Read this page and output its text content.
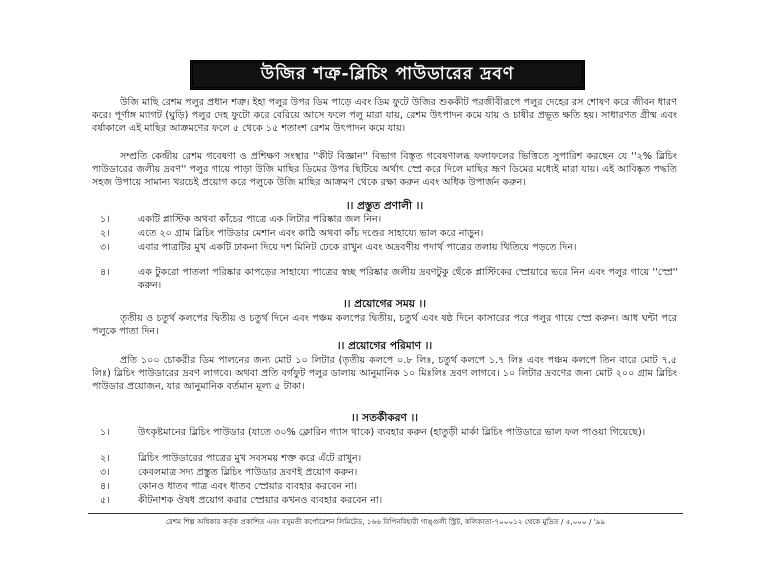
উজির শত্রু-ব্লিচিং পাউডারের দ্রবণ
উজি মাছি রেশম পলুর প্রধান শত্রু। ইহা পলুর উপর ডিম পাড়ে এবং ডিম ফুটে উজির শুককীট পরজীবীরূপে পলুর দেহের রস শোষণ করে জীবন ধারণ করে। পূর্ণাঙ্গ ম্যাগট (ঘুড়ি) পলুর দেহ ফুটো করে বেরিয়ে আসে ফলে পলু মারা যায়, রেশম উৎপাদন কমে যায় ও চাষীর প্রভূত ক্ষতি হয়। সাধারণত গ্রীষ্ম এবং বর্ষাকালে এই মাছির আক্রমণের ফলে ৫ থেকে ১৫ শতাংশ রেশম উৎপাদন কমে যায়।
সম্প্রতি কেন্দ্রীয় রেশম গবেষণা ও প্রশিক্ষণ সংস্থার ''কীট বিজ্ঞান'' বিভাগ বিস্তৃত গবেষণালব্ধ ফলাফলের ভিত্তিতে সুপারিশ করছেন যে ''২% ব্লিচিং পাউডারের জলীয় দ্রবণ'' পলুর গায়ে পাড়া উজি মাছির ডিমের উপর ছিটিয়ে অর্থাৎ স্প্রে করে দিলে মাছির ভ্রূণ ডিমের মধ্যেই মারা যায়। এই আবিষ্কৃত পদ্ধতি সহজ উপায়ে সামান্য খরচেই প্রয়োগ করে পলুকে উজি মাছির আক্রমণ থেকে রক্ষা করুন এবং অধিক উপার্জন করুন।
।। প্রস্তুত প্রণালী ।।
১।	একটি প্লাস্টিক অথবা কাঁচের পাত্রে এক লিটার পরিষ্কার জল নিন।
২।	এতে ২০ গ্রাম ব্লিচিং পাউডার মেশান এবং কাঠি অথবা কাঁচ দণ্ডের সাহায্যে ভাল করে নাড়ুন।
৩।	এবার পাত্রটির মুখ একটি ঢাকনা দিয়ে দশ মিনিট ঢেকে রাখুন এবং অদ্রবণীয় পদার্থ পাত্রের তলায় থিতিয়ে পড়তে দিন।
৪।	এক টুকরো পাতলা পরিষ্কার কাপড়ের সাহায্যে পাত্রের স্বচ্ছ পরিষ্কার জলীয় দ্রবণটুকু ছেঁকে প্লাস্টিকের স্প্রেয়ারে ভরে নিন এবং পলুর গায়ে ''স্প্রে'' করুন।
।। প্রয়োগের সময় ।।
তৃতীয় ও চতুর্থ কলপের দ্বিতীয় ও চতুর্থ দিনে এবং পঞ্চম কলপের দ্বিতীয়, চতুর্থ এবং ষষ্ঠ দিনে কাসারের পরে পলুর গায়ে স্প্রে করুন। আধ ঘন্টা পরে পলুকে পাতা দিন।
।। প্রয়োগের পরিমাণ ।।
প্রতি ১০০ চোকরীর ডিম পালনের জন্য মোট ১০ লিটার (তৃতীয় কলপে ০.৮ লিঃ, চতুর্থ কলপে ১.৭ লিঃ এবং পঞ্চম কলপে তিন বারে মোট ৭.৫ লিঃ) ব্লিচিং পাউডারের দ্রবণ লাগবে। অথবা প্রতি বর্গফুট পলুর ডালায় আনুমানিক ১০ মিঃলিঃ দ্রবণ লাগবে। ১০ লিটার দ্রবণের জন্য মোট ২০০ গ্রাম ব্লিচিং পাউডার প্রয়োজন, যার আনুমানিক বর্তমান মূল্য ৫ টাকা।
।। সতর্কীকরণ ।।
১।	উৎকৃষ্টমানের ব্লিচিং পাউডার (যাতে ৩০% ক্লোরিন গ্যাস থাকে) ব্যবহার করুন (হাতুড়ী মার্কা ব্লিচিং পাউডারে ভাল ফল পাওয়া গিয়েছে)।
২।	ব্লিচিং পাউডারের পাত্রের মুখ সবসময় শক্ত করে এঁটে রাখুন।
৩।	কেবলমাত্র সদ্য প্রস্তুত ব্লিচিং পাউডার দ্রবণই প্রয়োগ করুন।
৪।	কোনও ধাতব পাত্র এবং ধাতব স্প্রেয়ার ব্যবহার করবেন না।
৫।	কীটনাশক ঔষধ প্রয়োগ করার স্প্রেয়ার কখনও ব্যবহার করবেন না।
রেশম শিল্প অধিকার কর্তৃক প্রকাশিত এবং বসুমতী কর্পোরেশন লিমিটেড, ১৬৬ বিপিনবিহারী গাঙ্গুলী স্ট্রিট, কলিকাতা-৭০০০১২ থেকে মুদ্রিত / ৫,০০০ / '৯৯
